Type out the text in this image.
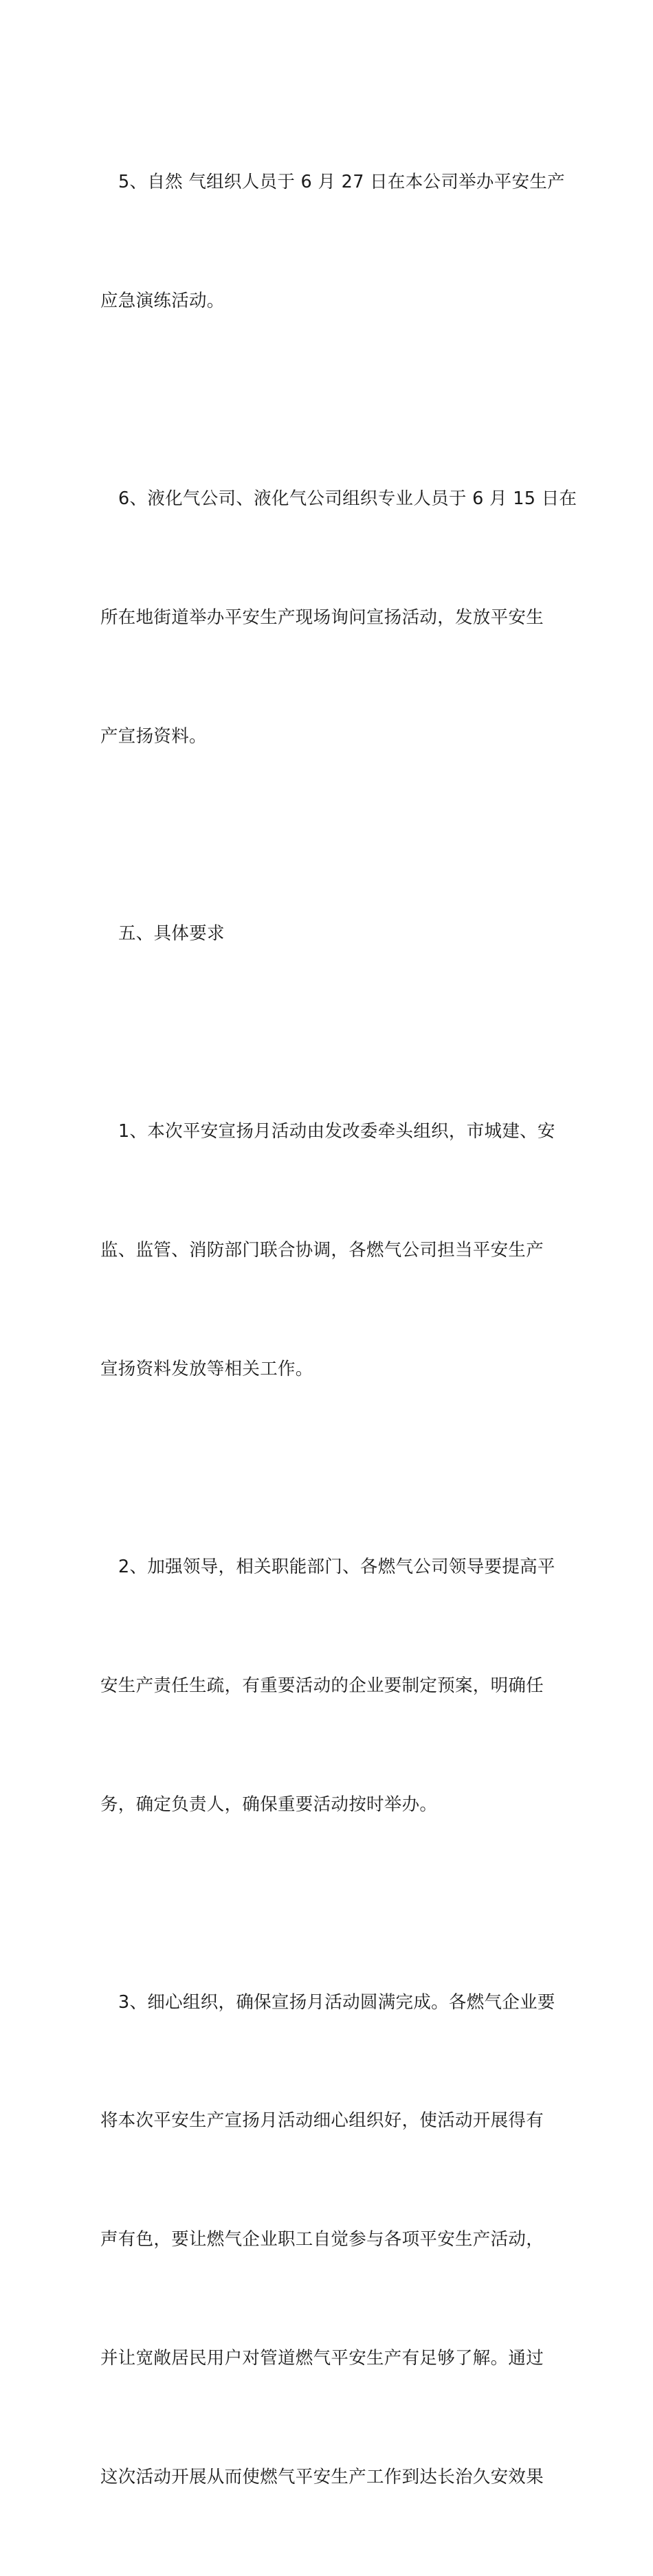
5、自然 气组织人员于 6 月 27 日在本公司举办平安生产

应急演练活动。

6、液化气公司、液化气公司组织专业人员于 6 月 15 日在

所在地街道举办平安生产现场询问宣扬活动，发放平安生

产宣扬资料。

五、具体要求

1、本次平安宣扬月活动由发改委牵头组织，市城建、安

监、监管、消防部门联合协调，各燃气公司担当平安生产

宣扬资料发放等相关工作。

2、加强领导，相关职能部门、各燃气公司领导要提高平

安生产责任生疏，有重要活动的企业要制定预案，明确任

务，确定负责人，确保重要活动按时举办。

3、细心组织，确保宣扬月活动圆满完成。各燃气企业要

将本次平安生产宣扬月活动细心组织好，使活动开展得有

声有色，要让燃气企业职工自觉参与各项平安生产活动，

并让宽敞居民用户对管道燃气平安生产有足够了解。通过

这次活动开展从而使燃气平安生产工作到达长治久安效果
